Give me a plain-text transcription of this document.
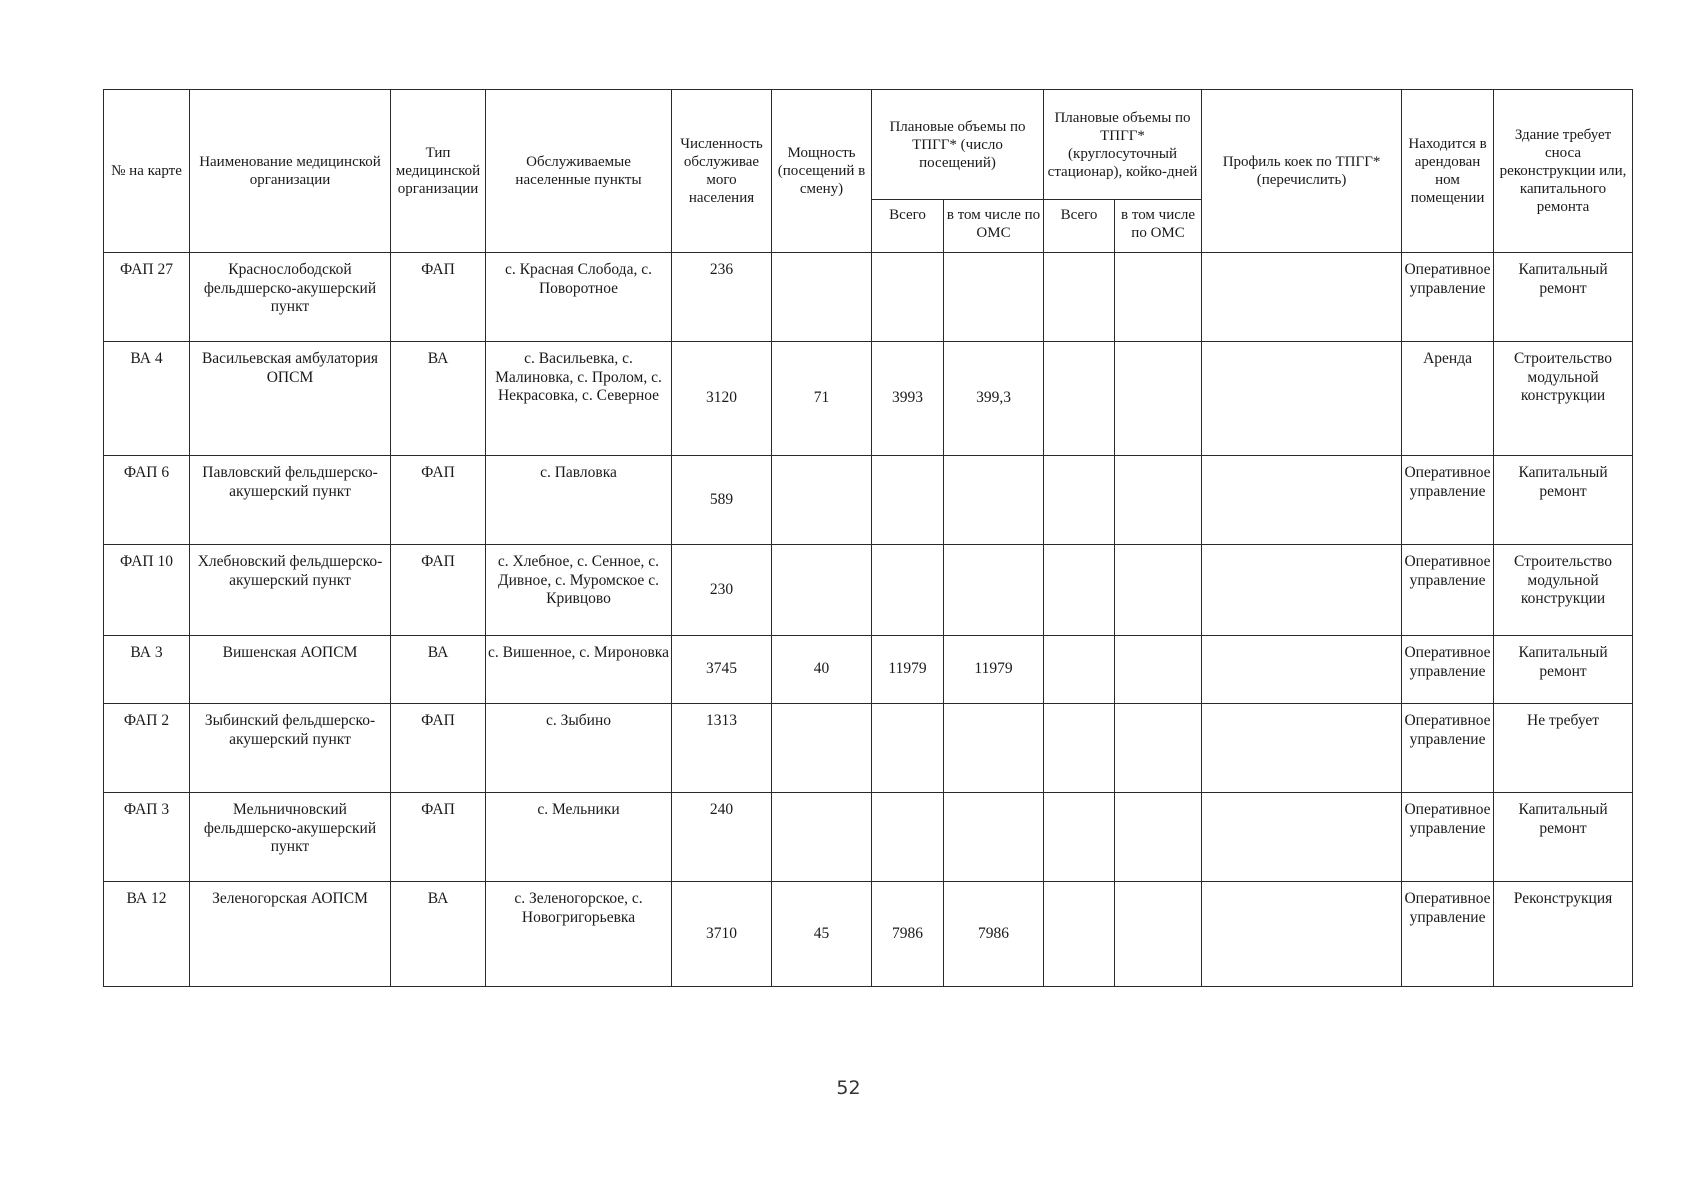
№ на карте	Наименование медицинской организации	Тип медицинской организации	Обслуживаемые населенные пункты	Численность обслуживае мого населения	Мощность (посещений в смену)	Плановые объемы по ТПГГ* (число посещений)		Плановые объемы по ТПГГ* (круглосуточный стационар), койко-дней		Профиль коек по ТПГГ* (перечислить)	Находится в арендован ном помещении	Здание требует сноса реконструкции или, капитального ремонта
						Всего	в том числе по ОМС	Всего	в том числе по ОМС			
ФАП 27	Краснослободской фельдшерско-акушерский пункт	ФАП	с. Красная Слобода, с. Поворотное	236							Оперативное управление	Капитальный ремонт
ВА 4	Васильевская амбулатория ОПСМ	ВА	с. Васильевка, с. Малиновка, с. Пролом, с. Некрасовка, с. Северное	3120	71	3993	399,3				Аренда	Строительство модульной конструкции
ФАП 6	Павловский фельдшерско-акушерский пункт	ФАП	с. Павловка	589							Оперативное управление	Капитальный ремонт
ФАП 10	Хлебновский фельдшерско-акушерский пункт	ФАП	с. Хлебное, с. Сенное, с. Дивное, с. Муромское с. Кривцово	230							Оперативное управление	Строительство модульной конструкции
ВА 3	Вишенская АОПСМ	ВА	с. Вишенное, с. Мироновка	3745	40	11979	11979				Оперативное управление	Капитальный ремонт
ФАП 2	Зыбинский фельдшерско-акушерский пункт	ФАП	с. Зыбино	1313							Оперативное управление	Не требует
ФАП 3	Мельничновский фельдшерско-акушерский пункт	ФАП	с. Мельники	240							Оперативное управление	Капитальный ремонт
ВА 12	Зеленогорская АОПСМ	ВА	с. Зеленогорское, с. Новогригорьевка	3710	45	7986	7986				Оперативное управление	Реконструкция
52
